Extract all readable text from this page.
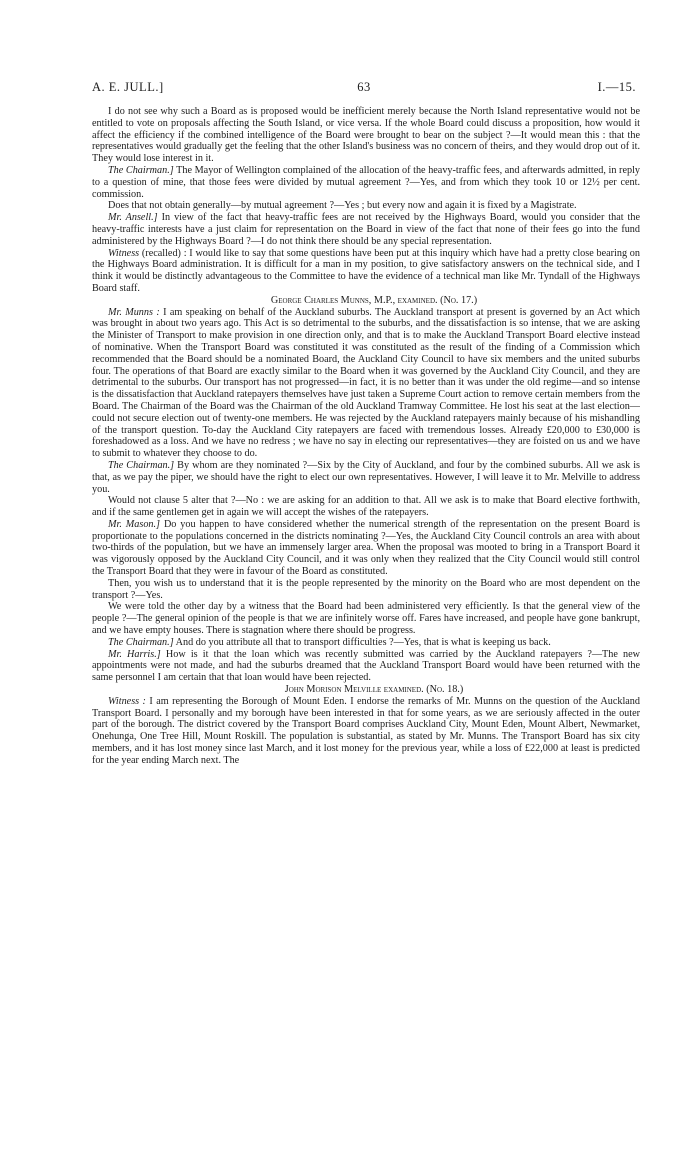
A. E. JULL.]	63	I.—15.

I do not see why such a Board as is proposed would be inefficient merely because the North Island representative would not be entitled to vote on proposals affecting the South Island, or vice versa. If the whole Board could discuss a proposition, how would it affect the efficiency if the combined intelligence of the Board were brought to bear on the subject ?—It would mean this : that the representatives would gradually get the feeling that the other Island's business was no concern of theirs, and they would drop out of it. They would lose interest in it.

The Chairman.] The Mayor of Wellington complained of the allocation of the heavy-traffic fees, and afterwards admitted, in reply to a question of mine, that those fees were divided by mutual agreement ?—Yes, and from which they took 10 or 12½ per cent. commission.

Does that not obtain generally—by mutual agreement ?—Yes ; but every now and again it is fixed by a Magistrate.

Mr. Ansell.] In view of the fact that heavy-traffic fees are not received by the Highways Board, would you consider that the heavy-traffic interests have a just claim for representation on the Board in view of the fact that none of their fees go into the fund administered by the Highways Board ?—I do not think there should be any special representation.

Witness (recalled) : I would like to say that some questions have been put at this inquiry which have had a pretty close bearing on the Highways Board administration. It is difficult for a man in my position, to give satisfactory answers on the technical side, and I think it would be distinctly advantageous to the Committee to have the evidence of a technical man like Mr. Tyndall of the Highways Board staff.

George Charles Munns, M.P., examined. (No. 17.)

Mr. Munns : I am speaking on behalf of the Auckland suburbs. The Auckland transport at present is governed by an Act which was brought in about two years ago. This Act is so detrimental to the suburbs, and the dissatisfaction is so intense, that we are asking the Minister of Transport to make provision in one direction only, and that is to make the Auckland Transport Board elective instead of nominative. When the Transport Board was constituted it was constituted as the result of the finding of a Commission which recommended that the Board should be a nominated Board, the Auckland City Council to have six members and the united suburbs four. The operations of that Board are exactly similar to the Board when it was governed by the Auckland City Council, and they are detrimental to the suburbs. Our transport has not progressed—in fact, it is no better than it was under the old regime—and so intense is the dissatisfaction that Auckland ratepayers themselves have just taken a Supreme Court action to remove certain members from the Board. The Chairman of the Board was the Chairman of the old Auckland Tramway Committee. He lost his seat at the last election—could not secure election out of twenty-one members. He was rejected by the Auckland ratepayers mainly because of his mishandling of the transport question. To-day the Auckland City ratepayers are faced with tremendous losses. Already £20,000 to £30,000 is foreshadowed as a loss. And we have no redress ; we have no say in electing our representatives—they are foisted on us and we have to submit to whatever they choose to do.

The Chairman.] By whom are they nominated ?—Six by the City of Auckland, and four by the combined suburbs. All we ask is that, as we pay the piper, we should have the right to elect our own representatives. However, I will leave it to Mr. Melville to address you.

Would not clause 5 alter that ?—No : we are asking for an addition to that. All we ask is to make that Board elective forthwith, and if the same gentlemen get in again we will accept the wishes of the ratepayers.

Mr. Mason.] Do you happen to have considered whether the numerical strength of the representation on the present Board is proportionate to the populations concerned in the districts nominating ?—Yes, the Auckland City Council controls an area with about two-thirds of the population, but we have an immensely larger area. When the proposal was mooted to bring in a Transport Board it was vigorously opposed by the Auckland City Council, and it was only when they realized that the City Council would still control the Transport Board that they were in favour of the Board as constituted.

Then, you wish us to understand that it is the people represented by the minority on the Board who are most dependent on the transport ?—Yes.

We were told the other day by a witness that the Board had been administered very efficiently. Is that the general view of the people ?—The general opinion of the people is that we are infinitely worse off. Fares have increased, and people have gone bankrupt, and we have empty houses. There is stagnation where there should be progress.

The Chairman.] And do you attribute all that to transport difficulties ?—Yes, that is what is keeping us back.

Mr. Harris.] How is it that the loan which was recently submitted was carried by the Auckland ratepayers ?—The new appointments were not made, and had the suburbs dreamed that the Auckland Transport Board would have been returned with the same personnel I am certain that that loan would have been rejected.

John Morison Melville examined. (No. 18.)

Witness : I am representing the Borough of Mount Eden. I endorse the remarks of Mr. Munns on the question of the Auckland Transport Board. I personally and my borough have been interested in that for some years, as we are seriously affected in the outer part of the borough. The district covered by the Transport Board comprises Auckland City, Mount Eden, Mount Albert, Newmarket, Onehunga, One Tree Hill, Mount Roskill. The population is substantial, as stated by Mr. Munns. The Transport Board has six city members, and it has lost money since last March, and it lost money for the previous year, while a loss of £22,000 at least is predicted for the year ending March next. The
